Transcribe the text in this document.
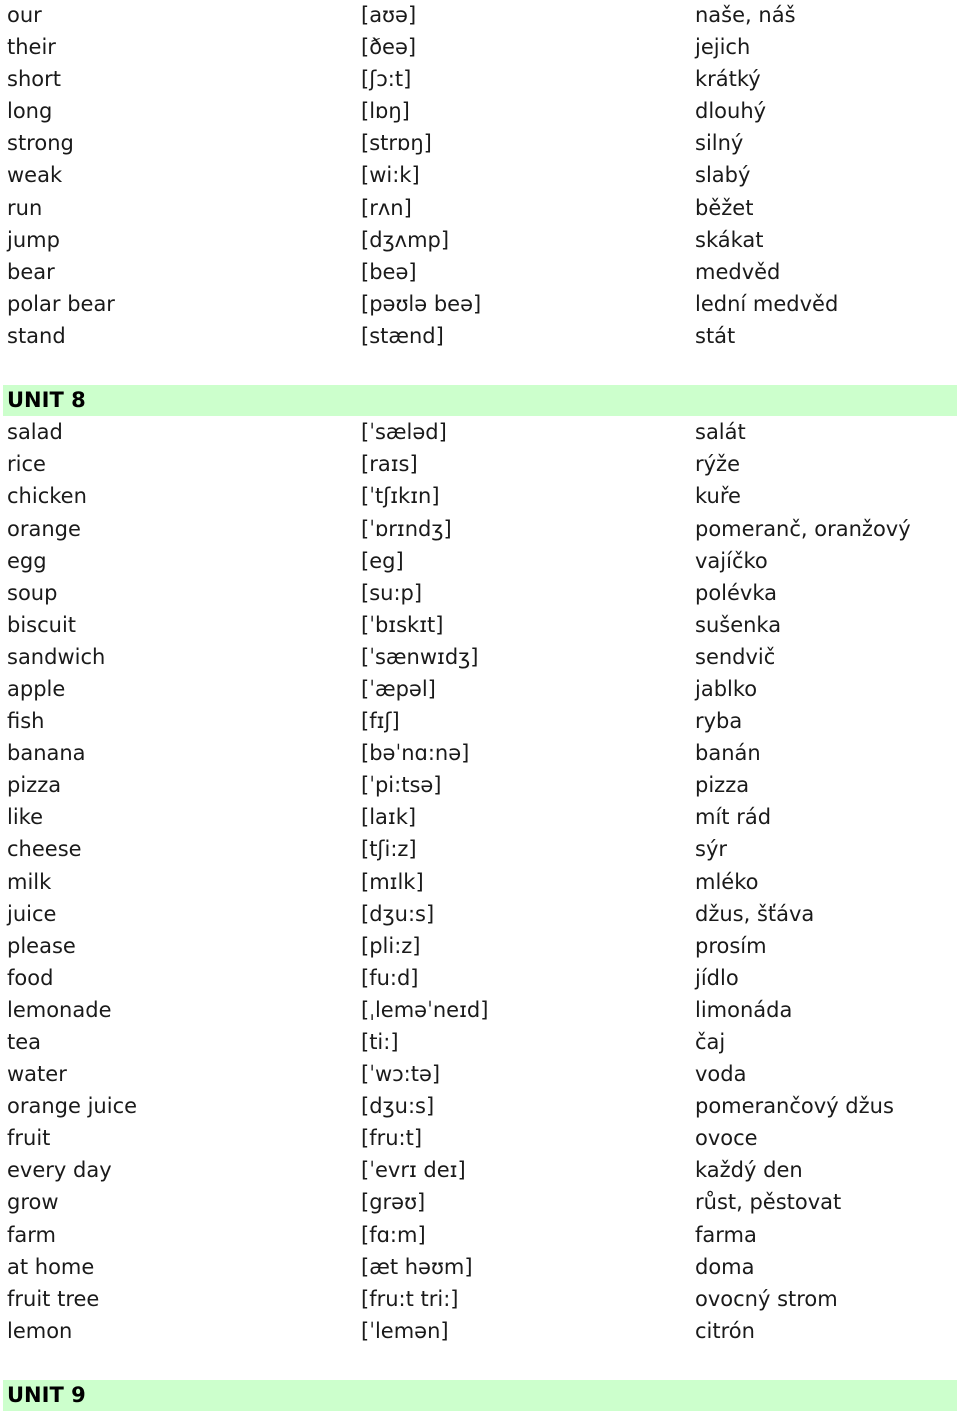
our	[aʊə]	naše, náš
their	[ðeə]	jejich
short	[ʃɔ:t]	krátký
long	[lɒŋ]	dlouhý
strong	[strɒŋ]	silný
weak	[wi:k]	slabý
run	[rʌn]	běžet
jump	[dʒʌmp]	skákat
bear	[beə]	medvěd
polar bear	[pəʊlə beə]	lední medvěd
stand	[stænd]	stát
UNIT 8
salad	[ˈsæləd]	salát
rice	[raɪs]	rýže
chicken	[ˈtʃɪkɪn]	kuře
orange	[ˈɒrɪndʒ]	pomeranč, oranžový
egg	[eg]	vajíčko
soup	[su:p]	polévka
biscuit	[ˈbɪskɪt]	sušenka
sandwich	[ˈsænwɪdʒ]	sendvič
apple	[ˈæpəl]	jablko
fish	[fɪʃ]	ryba
banana	[bəˈnɑ:nə]	banán
pizza	[ˈpi:tsə]	pizza
like	[laɪk]	mít rád
cheese	[tʃi:z]	sýr
milk	[mɪlk]	mléko
juice	[dʒu:s]	džus, šťáva
please	[pli:z]	prosím
food	[fu:d]	jídlo
lemonade	[ˌleməˈneɪd]	limonáda
tea	[ti:]	čaj
water	[ˈwɔ:tə]	voda
orange juice	[dʒu:s]	pomerančový džus
fruit	[fru:t]	ovoce
every day	[ˈevrɪ deɪ]	každý den
grow	[grəʊ]	růst, pěstovat
farm	[fɑ:m]	farma
at home	[æt həʊm]	doma
fruit tree	[fru:t tri:]	ovocný strom
lemon	[ˈlemən]	citrón
UNIT 9
